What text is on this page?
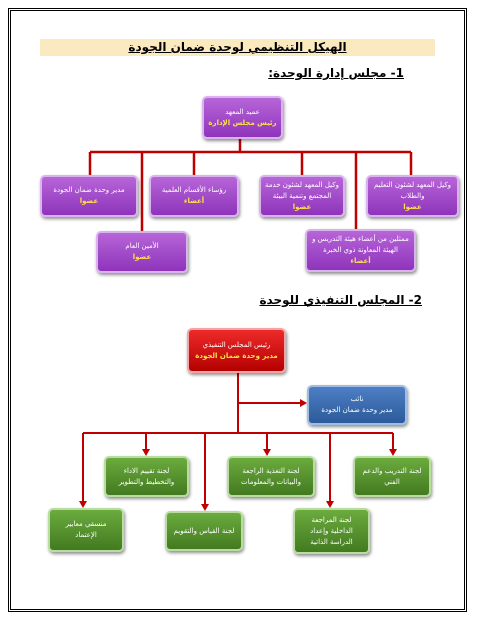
الهيكل التنظيمي لوحدة ضمان الجودة
1- مجلس إدارة الوحدة:
عميد المعهد
رئيس مجلس الإدارة
وكيل المعهد لشئون التعليم
والطلاب
عضوا
وكيل المعهد لشئون خدمة
المجتمع وتنمية البيئة
عضوا
رؤساء الأقسام العلمية
أعضاء
مدير وحدة ضمان الجودة
عضوا
الأمين العام
عضوا
ممثلين من أعضاء هيئة التدريس و
الهيئة المعاونة ذوي الخبرة
أعضاء
2- المجلس التنفيذي للوحدة
رئيس المجلس التنفيذي
مدير وحدة ضمان الجودة
نائب
مدير وحدة ضمان الجودة
لجنة التدريب والدعم
الفني
لجنة التغذية الراجعة
والبيانات والمعلومات
لجنة تقييم الاداء
والتخطيط والتطوير
لجنة المراجعة
الداخلية وإعداد
الدراسة الذاتية
لجنة القياس والتقويم
منسقي معايير
الإعتماد
